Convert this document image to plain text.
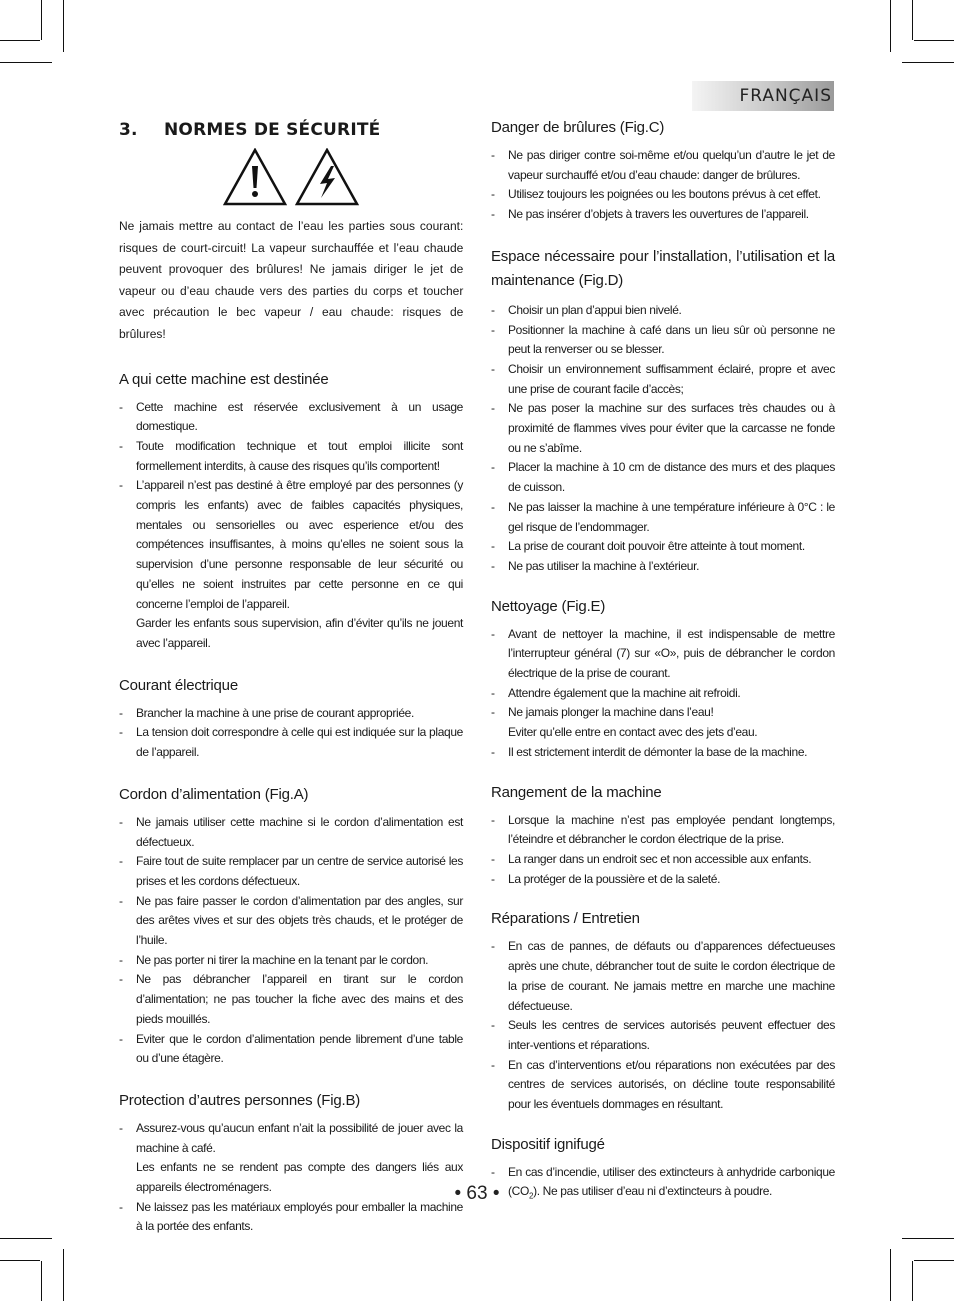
FRANÇAIS
3. NORMES DE SÉCURITÉ

Ne jamais mettre au contact de l’eau les parties sous courant: risques de court-circuit! La vapeur surchauffée et l’eau chaude peuvent provoquer des brûlures! Ne jamais diriger le jet de vapeur ou d’eau chaude vers des parties du corps et toucher avec précaution le bec vapeur / eau chaude: risques de brûlures!

A qui cette machine est destinée
- Cette machine est réservée exclusivement à un usage domestique.
- Toute modification technique et tout emploi illicite sont formellement interdits, à cause des risques qu’ils comportent!
- L’appareil n’est pas destiné à être employé par des personnes (y compris les enfants) avec de faibles capacités physiques, mentales ou sensorielles ou avec esperience et/ou des compétences insuffisantes, à moins qu’elles ne soient sous la supervision d’une personne responsable de leur sécurité ou qu’elles ne soient instruites par cette personne en ce qui concerne l’emploi de l’appareil.
Garder les enfants sous supervision, afin d’éviter qu’ils ne jouent avec l’appareil.
Courant électrique
- Brancher la machine à une prise de courant appropriée.
- La tension doit correspondre à celle qui est indiquée sur la plaque de l’appareil.
Cordon d’alimentation (Fig.A)
- Ne jamais utiliser cette machine si le cordon d’alimentation est défectueux.
- Faire tout de suite remplacer par un centre de service autorisé les prises et les cordons défectueux.
- Ne pas faire passer le cordon d’alimentation par des angles, sur des arêtes vives et sur des objets très chauds, et le protéger de l’huile.
- Ne pas porter ni tirer la machine en la tenant par le cordon.
- Ne pas débrancher l’appareil en tirant sur le cordon d’alimentation; ne pas toucher la fiche avec des mains et des pieds mouillés.
- Eviter que le cordon d’alimentation pende librement d’une table ou d’une étagère.
Protection d’autres personnes (Fig.B)
- Assurez-vous qu’aucun enfant n’ait la possibilité de jouer avec la machine à café.
Les enfants ne se rendent pas compte des dangers liés aux appareils électroménagers.
- Ne laissez pas les matériaux employés pour emballer la machine à la portée des enfants.
Danger de brûlures (Fig.C)
- Ne pas diriger contre soi-même et/ou quelqu’un d’autre le jet de vapeur surchauffé et/ou d’eau chaude: danger de brûlures.
- Utilisez toujours les poignées ou les boutons prévus à cet effet.
- Ne pas insérer d’objets à travers les ouvertures de l’appareil.
Espace nécessaire pour l’installation, l’utilisation et la maintenance (Fig.D)
- Choisir un plan d’appui bien nivelé.
- Positionner la machine à café dans un lieu sûr où personne ne peut la renverser ou se blesser.
- Choisir un environnement suffisamment éclairé, propre et avec une prise de courant facile d’accès;
- Ne pas poser la machine sur des surfaces très chaudes ou à proximité de flammes vives pour éviter que la carcasse ne fonde ou ne s’abîme.
- Placer la machine à 10 cm de distance des murs et des plaques de cuisson.
- Ne pas laisser la machine à une température inférieure à 0°C : le gel risque de l’endommager.
- La prise de courant doit pouvoir être atteinte à tout moment.
- Ne pas utiliser la machine à l’extérieur.
Nettoyage (Fig.E)
- Avant de nettoyer la machine, il est indispensable de mettre l’interrupteur général (7) sur «O», puis de débrancher le cordon électrique de la prise de courant.
- Attendre également que la machine ait refroidi.
- Ne jamais plonger la machine dans l’eau!
Eviter qu’elle entre en contact avec des jets d’eau.
- Il est strictement interdit de démonter la base de la machine.
Rangement de la machine
- Lorsque la machine n’est pas employée pendant longtemps, l’éteindre et débrancher le cordon électrique de la prise.
- La ranger dans un endroit sec et non accessible aux enfants.
- La protéger de la poussière et de la saleté.
Réparations / Entretien
- En cas de pannes, de défauts ou d’apparences défectueuses après une chute, débrancher tout de suite le cordon électrique de la prise de courant. Ne jamais mettre en marche une machine défectueuse.
- Seuls les centres de services autorisés peuvent effectuer des inter-ventions et réparations.
- En cas d’interventions et/ou réparations non exécutées par des centres de services autorisés, on décline toute responsabilité pour les éventuels dommages en résultant.
Dispositif ignifugé
- En cas d’incendie, utiliser des extincteurs à anhydride carbonique $(CO_2)$. Ne pas utiliser d’eau ni d’extincteurs à poudre.
• 63 •
